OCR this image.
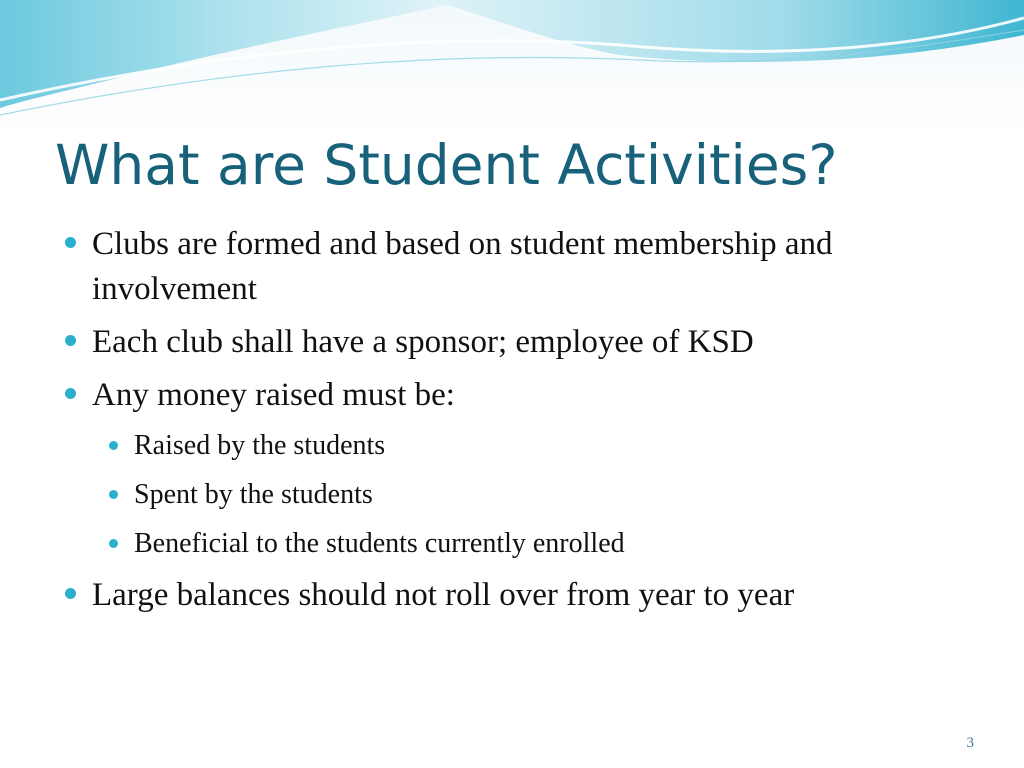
What are Student Activities?
Clubs are formed and based on student membership and involvement
Each club shall have a sponsor; employee of KSD
Any money raised must be:
Raised by the students
Spent by the students
Beneficial to the students currently enrolled
Large balances should not roll over from year to year
3
